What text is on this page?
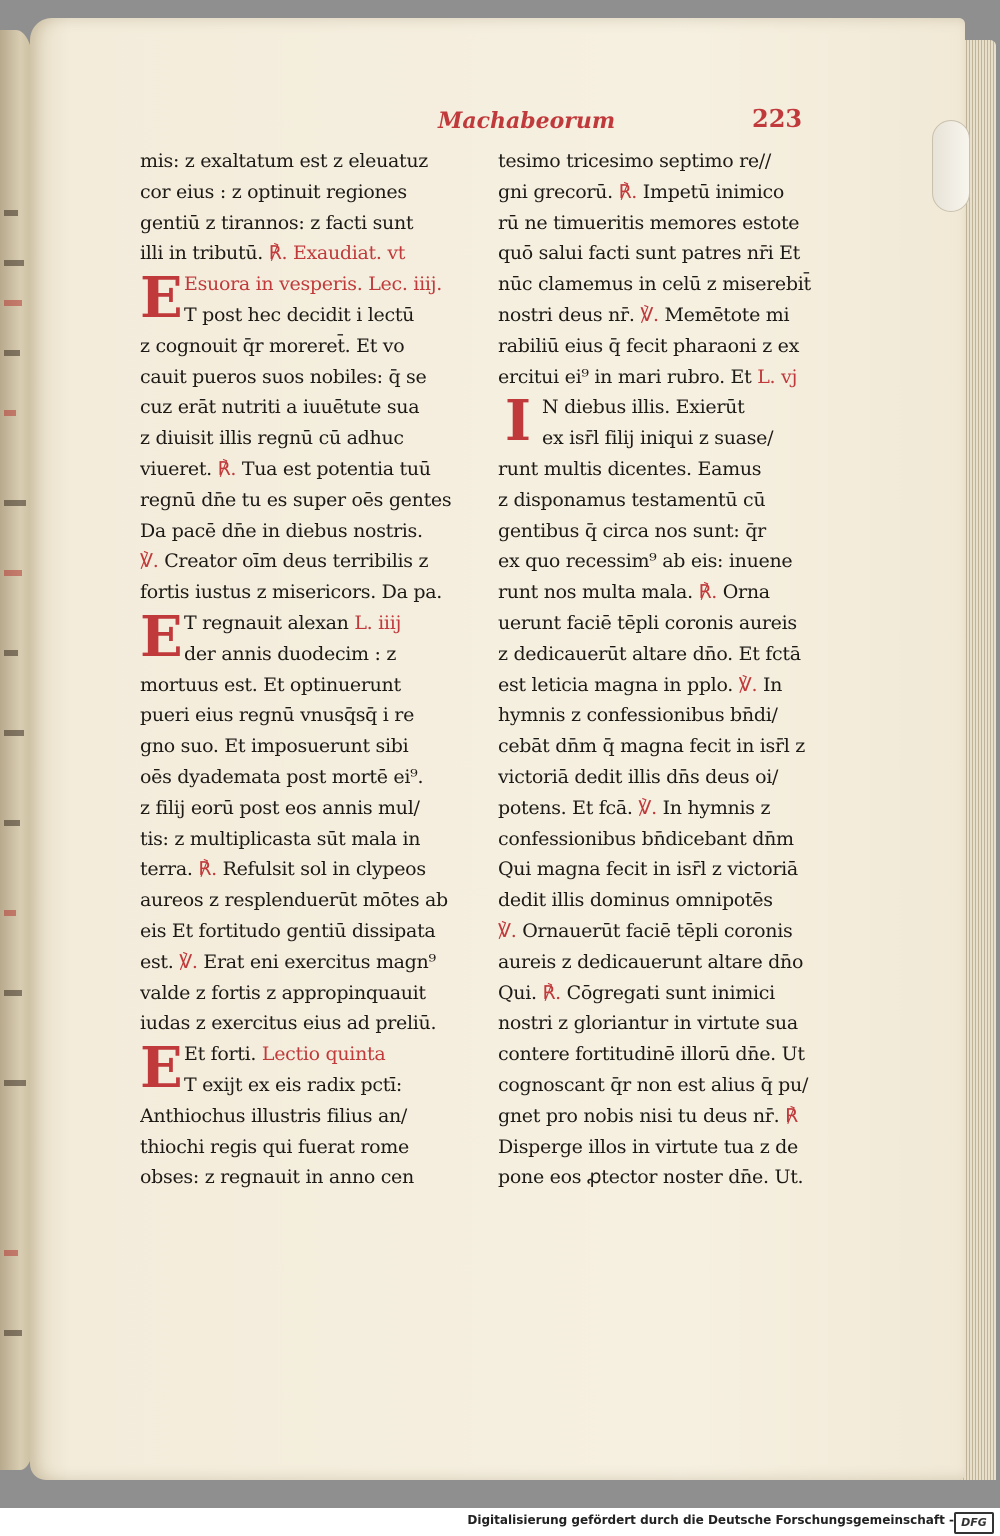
Machabeorum	223
mis: z exaltatum est z eleuatuz
cor eius : z optinuit regiones
gentiū z tirannos: z facti sunt
illi in tributū. ℟. Exaudiat. vt
E Esuora in vesperis. Lec. iiij.
T post hec decidit i lectū
z cognouit q̄r moreret̄. Et vo
cauit pueros suos nobiles: q̄ se
cuz erāt nutriti a iuuētute sua
z diuisit illis regnū cū adhuc
viueret. ℟. Tua est potentia tuū
regnū dn̄e tu es super oēs gentes
Da pacē dn̄e in diebus nostris.
℣. Creator oīm deus terribilis z
fortis iustus z misericors. Da pa.
E T regnauit alexan L. iiij
der annis duodecim : z
mortuus est. Et optinuerunt
pueri eius regnū vnusq̄sq̄ i re
gno suo. Et imposuerunt sibi
oēs dyademata post mortē ei⁹.
z filij eorū post eos annis mul/
tis: z multiplicasta sūt mala in
terra. ℟. Refulsit sol in clypeos
aureos z resplenduerūt mōtes ab
eis Et fortitudo gentiū dissipata
est. ℣. Erat eni exercitus magn⁹
valde z fortis z appropinquauit
iudas z exercitus eius ad preliū.
E Et forti. Lectio quinta
T exijt ex eis radix pctī:
Anthiochus illustris filius an/
thiochi regis qui fuerat rome
obses: z regnauit in anno cen
tesimo tricesimo septimo re//
gni grecorū. ℟. Impetū inimico
rū ne timueritis memores estote
quō salui facti sunt patres nr̄i Et
nūc clamemus in celū z miserebit̄
nostri deus nr̄. ℣. Memētote mi
rabiliū eius q̄ fecit pharaoni z ex
ercitui ei⁹ in mari rubro. Et L. vj
I N diebus illis. Exierūt
ex isr̄l filij iniqui z suase/
runt multis dicentes. Eamus
z disponamus testamentū cū
gentibus q̄ circa nos sunt: q̄r
ex quo recessim⁹ ab eis: inuene
runt nos multa mala. ℟. Orna
uerunt faciē tēpli coronis aureis
z dedicauerūt altare dn̄o. Et fctā
est leticia magna in pplo. ℣. In
hymnis z confessionibus bn̄di/
cebāt dn̄m q̄ magna fecit in isr̄l z
victoriā dedit illis dn̄s deus oi/
potens. Et fcā. ℣. In hymnis z
confessionibus bn̄dicebant dn̄m
Qui magna fecit in isr̄l z victoriā
dedit illis dominus omnipotēs
℣. Ornauerūt faciē tēpli coronis
aureis z dedicauerunt altare dn̄o
Qui. ℟. Cōgregati sunt inimici
nostri z gloriantur in virtute sua
contere fortitudinē illorū dn̄e. Ut
cognoscant q̄r non est alius q̄ pu/
gnet pro nobis nisi tu deus nr̄. ℟
Disperge illos in virtute tua z de
pone eos ꝓtector noster dn̄e. Ut.
Digitalisierung gefördert durch die Deutsche Forschungsgemeinschaft - DFG
